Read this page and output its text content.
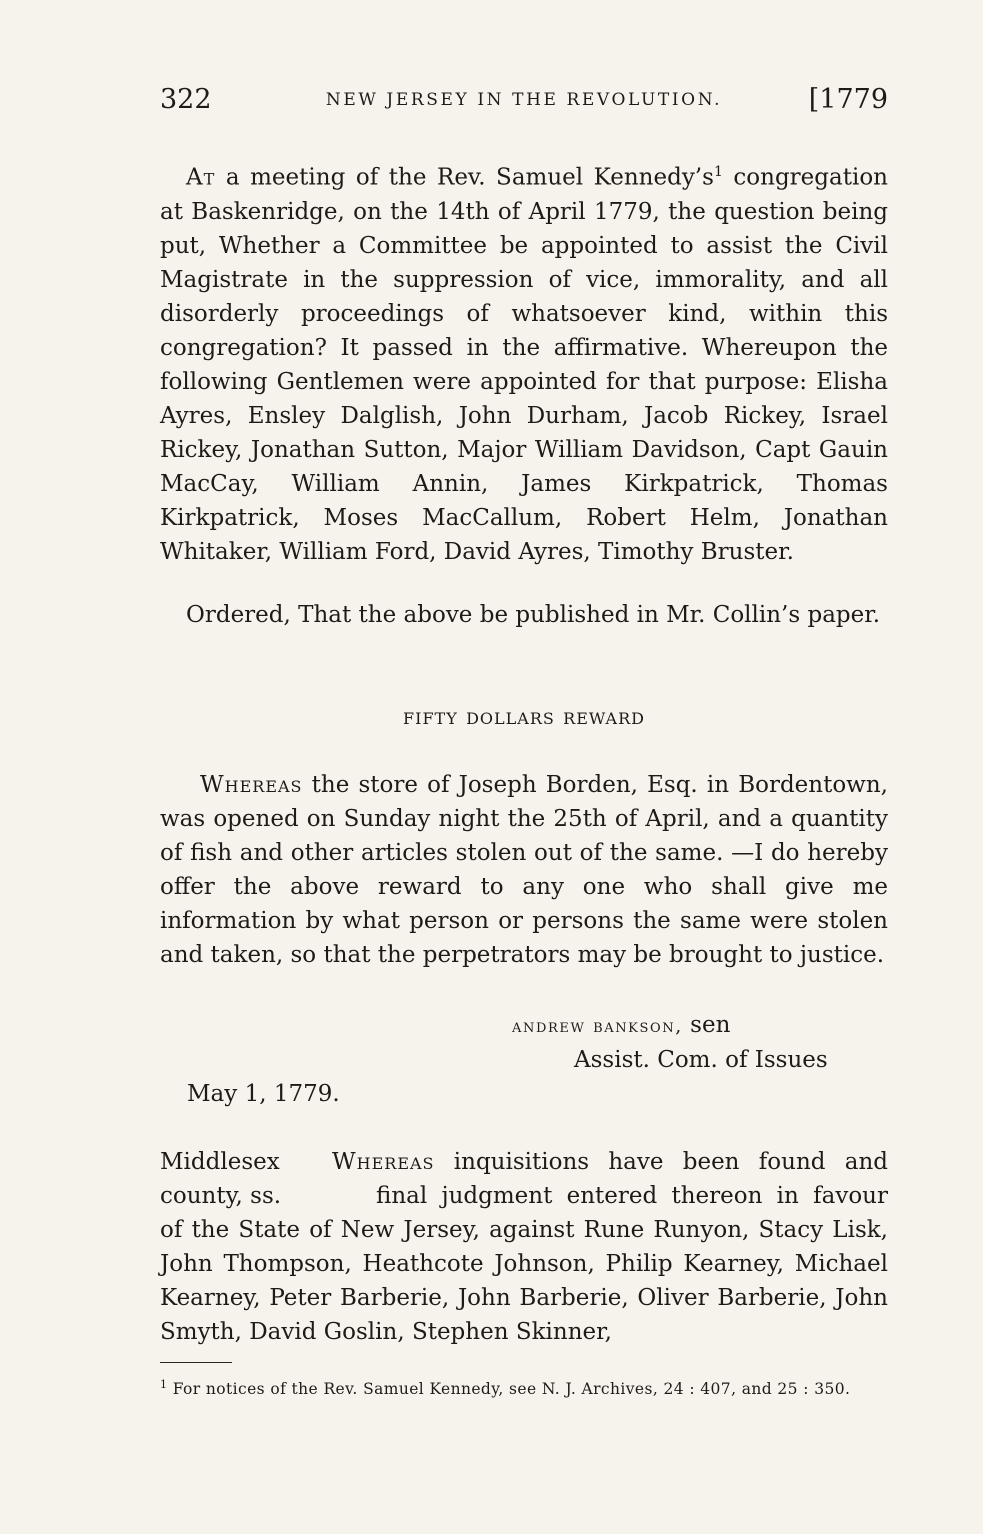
322	NEW JERSEY IN THE REVOLUTION.	[1779
At a meeting of the Rev. Samuel $Kennedy’s^1$ congregation at Baskenridge, on the 14th of April 1779, the question being put, Whether a Committee be appointed to assist the Civil Magistrate in the suppression of vice, immorality, and all disorderly proceedings of whatsoever kind, within this congregation? It passed in the affirmative. Whereupon the following Gentlemen were appointed for that purpose: Elisha Ayres, Ensley Dalglish, John Durham, Jacob Rickey, Israel Rickey, Jonathan Sutton, Major William Davidson, Capt Gauin MacCay, William Annin, James Kirkpatrick, Thomas Kirkpatrick, Moses MacCallum, Robert Helm, Jonathan Whitaker, William Ford, David Ayres, Timothy Bruster.
Ordered, That the above be published in Mr. Collin’s paper.
fifty dollars reward
Whereas the store of Joseph Borden, Esq. in Bordentown, was opened on Sunday night the 25th of April, and a quantity of fish and other articles stolen out of the same. —I do hereby offer the above reward to any one who shall give me information by what person or persons the same were stolen and taken, so that the perpetrators may be brought to justice.
andrew bankson, sen
Assist. Com. of Issues
May 1, 1779.
Middlesex
county, ss.
Whereas inquisitions have been found and
final judgment entered thereon in favour
of the State of New Jersey, against Rune Runyon, Stacy Lisk, John Thompson, Heathcote Johnson, Philip Kearney, Michael Kearney, Peter Barberie, John Barberie, Oliver Barberie, John Smyth, David Goslin, Stephen Skinner,
$^1$ For notices of the Rev. Samuel Kennedy, see N. J. Archives, 24 : 407, and 25 : 350.
